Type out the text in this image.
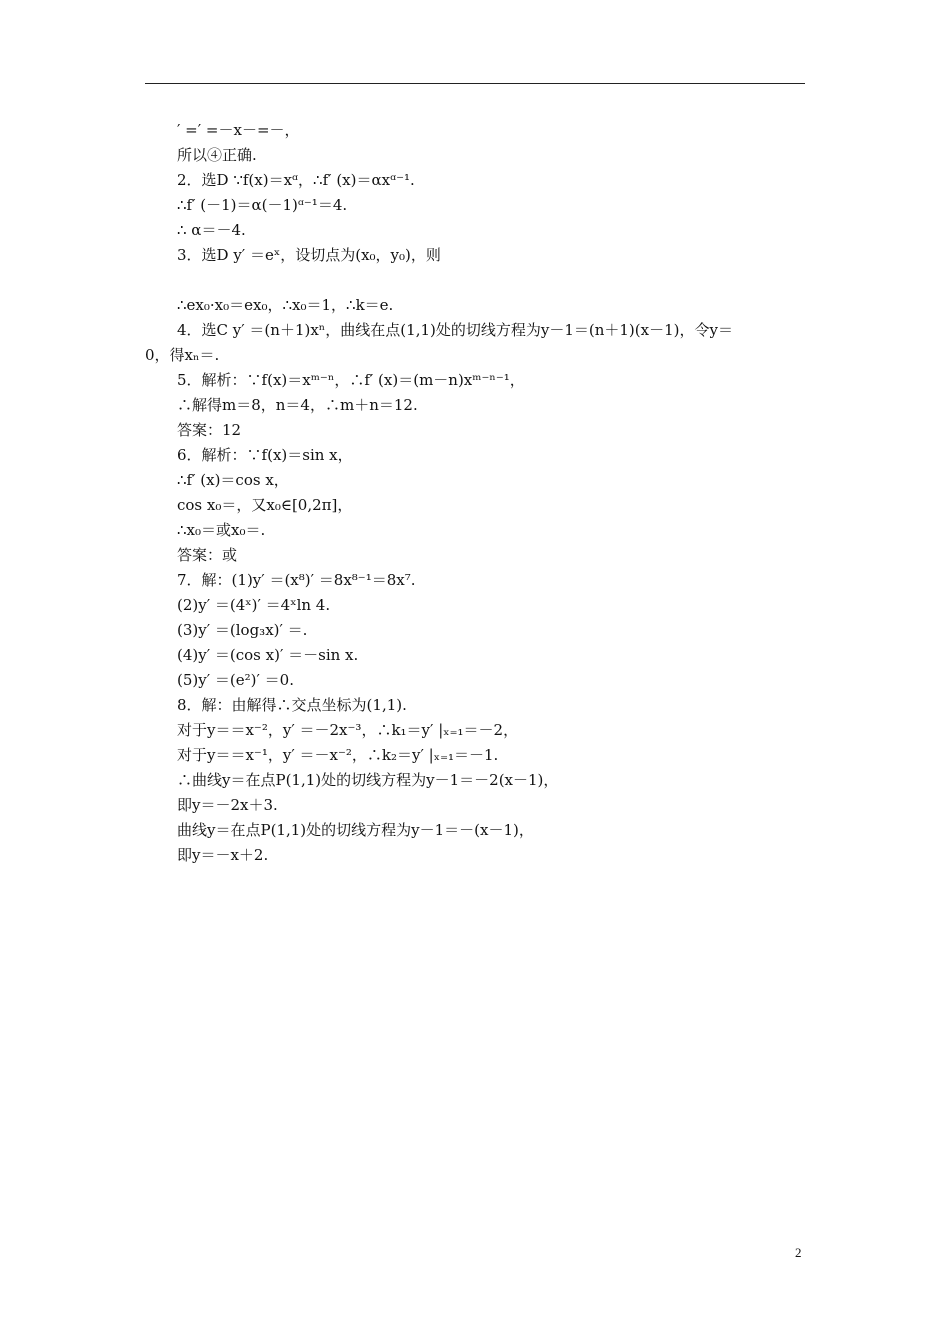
′ =′ =－x－=－，
所以④正确.
2．选D ∵f(x)＝xᵅ，∴f′ (x)＝αxᵅ⁻¹.
∴f′ (－1)＝α(－1)ᵅ⁻¹＝4.
∴ α＝－4.
3．选D y′ ＝eˣ，设切点为(x₀，y₀)，则
∴ex₀·x₀＝ex₀，∴x₀＝1，∴k＝e.
4．选C y′ ＝(n＋1)xⁿ，曲线在点(1,1)处的切线方程为y－1＝(n＋1)(x－1)，令y＝
0，得xₙ＝.
5．解析：∵f(x)＝xᵐ⁻ⁿ，∴f′ (x)＝(m－n)xᵐ⁻ⁿ⁻¹，
∴解得m＝8，n＝4，∴m＋n＝12.
答案：12
6．解析：∵f(x)＝sin x，
∴f′ (x)＝cos x，
cos x₀＝，又x₀∈[0,2π]，
∴x₀＝或x₀＝.
答案：或
7．解：(1)y′ ＝(x⁸)′ ＝8x⁸⁻¹＝8x⁷.
(2)y′ ＝(4ˣ)′ ＝4ˣln 4.
(3)y′ ＝(log₃x)′ ＝.
(4)y′ ＝(cos x)′ ＝－sin x.
(5)y′ ＝(e²)′ ＝0.
8．解：由解得∴交点坐标为(1,1).
对于y＝＝x⁻²，y′ ＝－2x⁻³，∴k₁＝y′ |ₓ₌₁＝－2，
对于y＝＝x⁻¹，y′ ＝－x⁻²，∴k₂＝y′ |ₓ₌₁＝－1.
∴曲线y＝在点P(1,1)处的切线方程为y－1＝－2(x－1)，
即y＝－2x＋3.
曲线y＝在点P(1,1)处的切线方程为y－1＝－(x－1)，
即y＝－x＋2.
2
